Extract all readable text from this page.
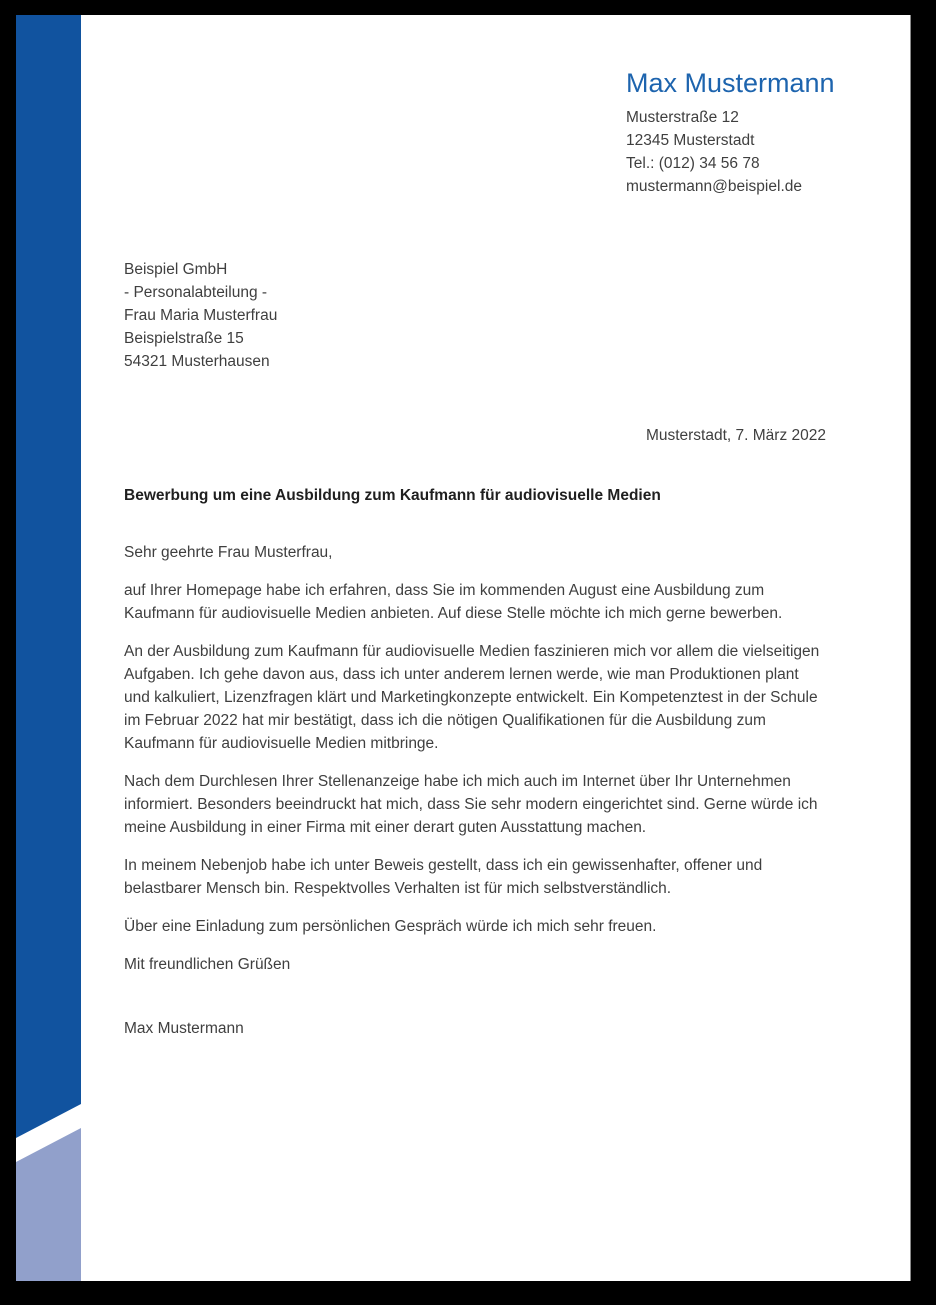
Max Mustermann
Musterstraße 12
12345 Musterstadt
Tel.: (012) 34 56 78
mustermann@beispiel.de
Beispiel GmbH
- Personalabteilung -
Frau Maria Musterfrau
Beispielstraße 15
54321 Musterhausen
Musterstadt, 7. März 2022
Bewerbung um eine Ausbildung zum Kaufmann für audiovisuelle Medien
Sehr geehrte Frau Musterfrau,

auf Ihrer Homepage habe ich erfahren, dass Sie im kommenden August eine Ausbildung zum Kaufmann für audiovisuelle Medien anbieten. Auf diese Stelle möchte ich mich gerne bewerben.

An der Ausbildung zum Kaufmann für audiovisuelle Medien faszinieren mich vor allem die vielseitigen Aufgaben. Ich gehe davon aus, dass ich unter anderem lernen werde, wie man Produktionen plant und kalkuliert, Lizenzfragen klärt und Marketingkonzepte entwickelt. Ein Kompetenztest in der Schule im Februar 2022 hat mir bestätigt, dass ich die nötigen Qualifikationen für die Ausbildung zum Kaufmann für audiovisuelle Medien mitbringe.

Nach dem Durchlesen Ihrer Stellenanzeige habe ich mich auch im Internet über Ihr Unternehmen informiert. Besonders beeindruckt hat mich, dass Sie sehr modern eingerichtet sind. Gerne würde ich meine Ausbildung in einer Firma mit einer derart guten Ausstattung machen.

In meinem Nebenjob habe ich unter Beweis gestellt, dass ich ein gewissenhafter, offener und belastbarer Mensch bin. Respektvolles Verhalten ist für mich selbstverständlich.

Über eine Einladung zum persönlichen Gespräch würde ich mich sehr freuen.

Mit freundlichen Grüßen
Max Mustermann
